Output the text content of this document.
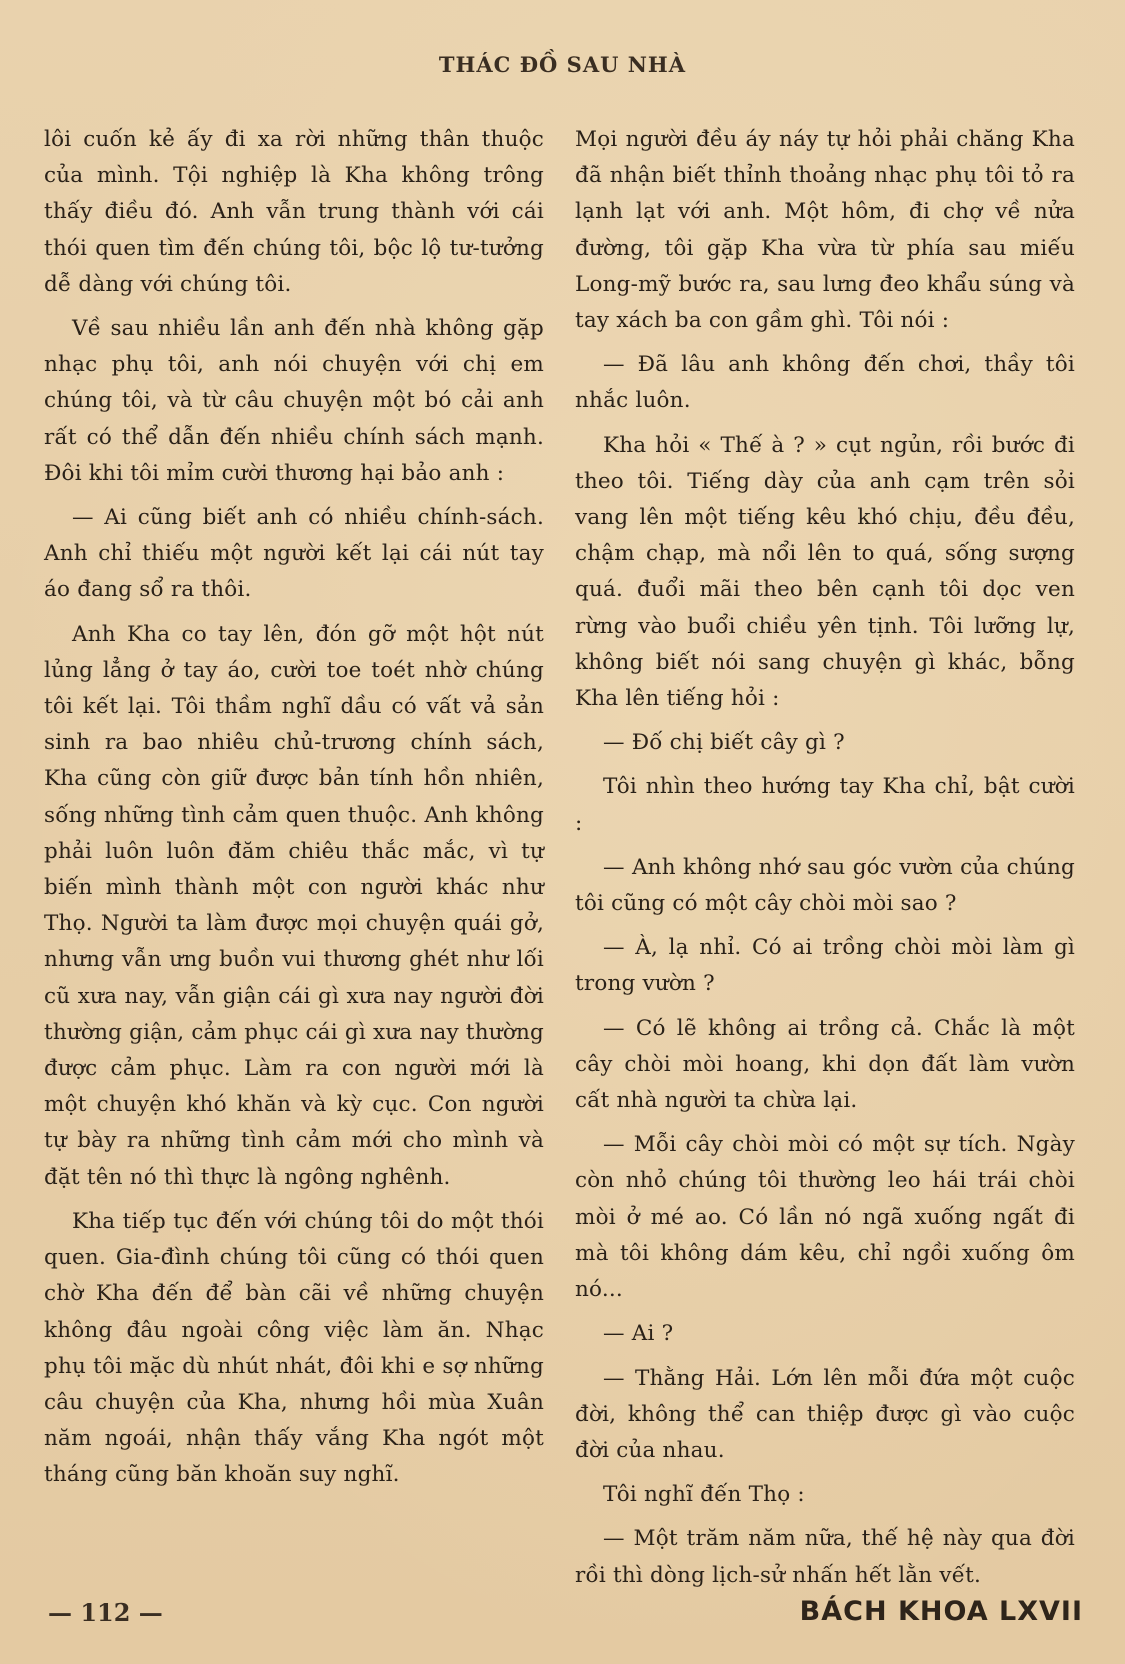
THÁC ĐỒ SAU NHÀ

lôi cuốn kẻ ấy đi xa rời những thân thuộc của mình. Tội nghiệp là Kha không trông thấy điều đó. Anh vẫn trung thành với cái thói quen tìm đến chúng tôi, bộc lộ tư-tưởng dễ dàng với chúng tôi.

Về sau nhiều lần anh đến nhà không gặp nhạc phụ tôi, anh nói chuyện với chị em chúng tôi, và từ câu chuyện một bó cải anh rất có thể dẫn đến nhiều chính sách mạnh. Đôi khi tôi mỉm cười thương hại bảo anh :

— Ai cũng biết anh có nhiều chính-sách. Anh chỉ thiếu một người kết lại cái nút tay áo đang sổ ra thôi.

Anh Kha co tay lên, đón gỡ một hột nút lủng lẳng ở tay áo, cười toe toét nhờ chúng tôi kết lại. Tôi thầm nghĩ dầu có vất vả sản sinh ra bao nhiêu chủ-trương chính sách, Kha cũng còn giữ được bản tính hồn nhiên, sống những tình cảm quen thuộc. Anh không phải luôn luôn đăm chiêu thắc mắc, vì tự biến mình thành một con người khác như Thọ. Người ta làm được mọi chuyện quái gở, nhưng vẫn ưng buồn vui thương ghét như lối cũ xưa nay, vẫn giận cái gì xưa nay người đời thường giận, cảm phục cái gì xưa nay thường được cảm phục. Làm ra con người mới là một chuyện khó khăn và kỳ cục. Con người tự bày ra những tình cảm mới cho mình và đặt tên nó thì thực là ngông nghênh.

Kha tiếp tục đến với chúng tôi do một thói quen. Gia-đình chúng tôi cũng có thói quen chờ Kha đến để bàn cãi về những chuyện không đâu ngoài công việc làm ăn. Nhạc phụ tôi mặc dù nhút nhát, đôi khi e sợ những câu chuyện của Kha, nhưng hồi mùa Xuân năm ngoái, nhận thấy vắng Kha ngót một tháng cũng băn khoăn suy nghĩ.

Mọi người đều áy náy tự hỏi phải chăng Kha đã nhận biết thỉnh thoảng nhạc phụ tôi tỏ ra lạnh lạt với anh. Một hôm, đi chợ về nửa đường, tôi gặp Kha vừa từ phía sau miếu Long-mỹ bước ra, sau lưng đeo khẩu súng và tay xách ba con gầm ghì. Tôi nói :

— Đã lâu anh không đến chơi, thầy tôi nhắc luôn.

Kha hỏi « Thế à ? » cụt ngủn, rồi bước đi theo tôi. Tiếng dày của anh cạm trên sỏi vang lên một tiếng kêu khó chịu, đều đều, chậm chạp, mà nổi lên to quá, sống sượng quá. đuổi mãi theo bên cạnh tôi dọc ven rừng vào buổi chiều yên tịnh. Tôi lưỡng lự, không biết nói sang chuyện gì khác, bỗng Kha lên tiếng hỏi :

— Đố chị biết cây gì ?

Tôi nhìn theo hướng tay Kha chỉ, bật cười :

— Anh không nhớ sau góc vườn của chúng tôi cũng có một cây chòi mòi sao ?

— À, lạ nhỉ. Có ai trồng chòi mòi làm gì trong vườn ?

— Có lẽ không ai trồng cả. Chắc là một cây chòi mòi hoang, khi dọn đất làm vườn cất nhà người ta chừa lại.

— Mỗi cây chòi mòi có một sự tích. Ngày còn nhỏ chúng tôi thường leo hái trái chòi mòi ở mé ao. Có lần nó ngã xuống ngất đi mà tôi không dám kêu, chỉ ngồi xuống ôm nó...

— Ai ?

— Thằng Hải. Lớn lên mỗi đứa một cuộc đời, không thể can thiệp được gì vào cuộc đời của nhau.

Tôi nghĩ đến Thọ :

— Một trăm năm nữa, thế hệ này qua đời rồi thì dòng lịch-sử nhấn hết lằn vết.

— 112 —	BÁCH KHOA LXVII
